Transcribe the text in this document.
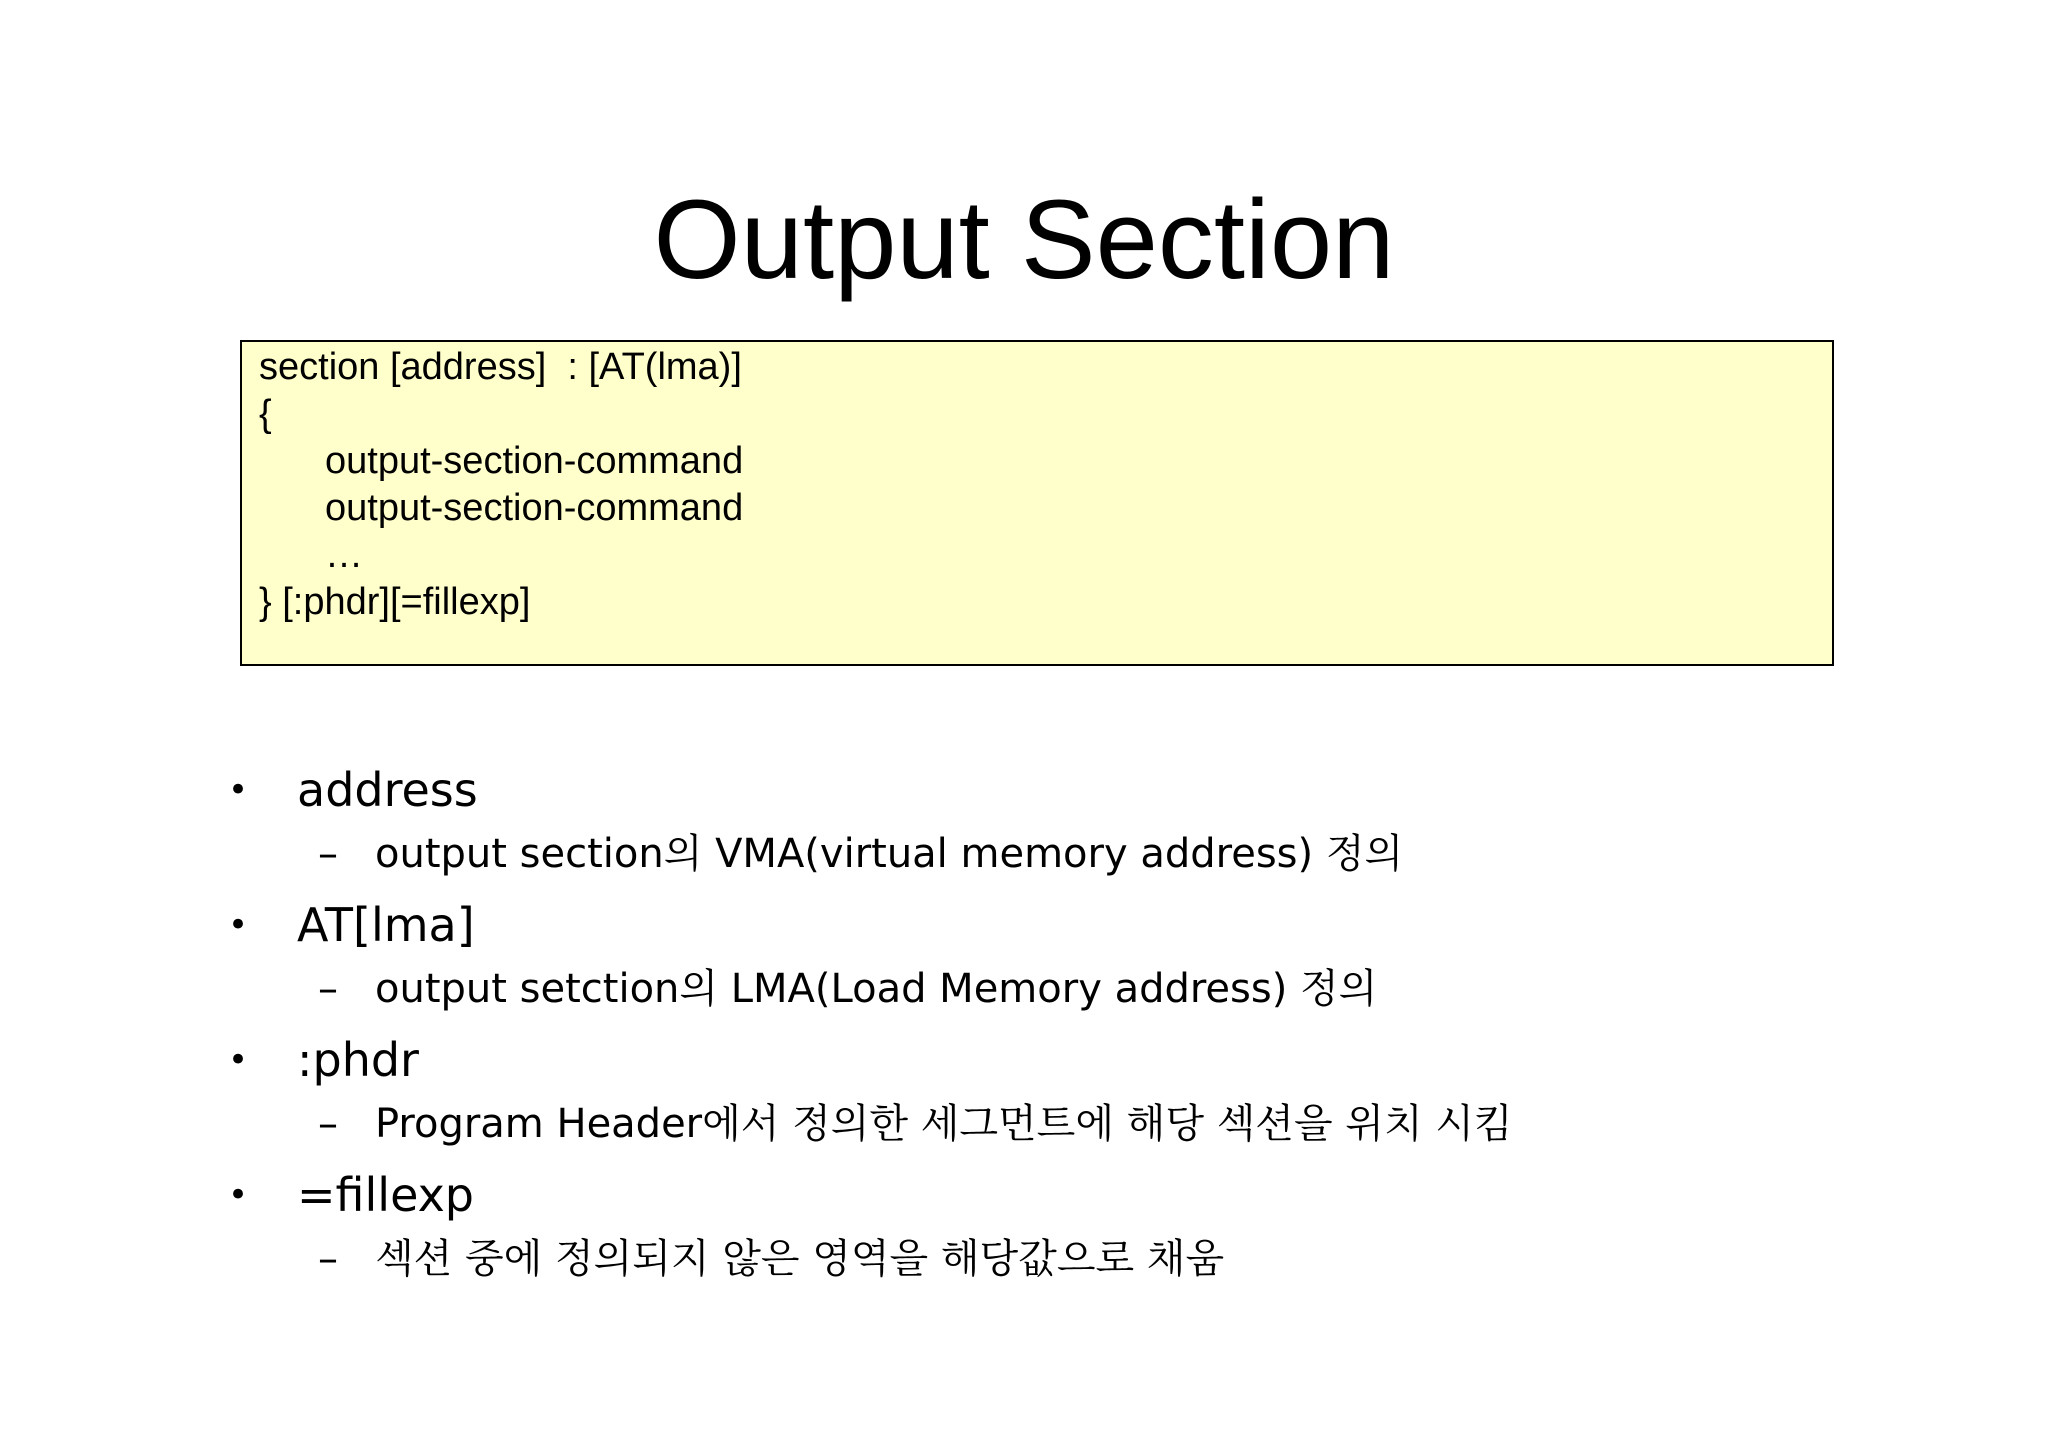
Output Section
section [address]  : [AT(lma)]
{
output-section-command
output-section-command
…
} [:phdr][=fillexp]
• address
– output section의 VMA(virtual memory address) 정의
• AT[lma]
– output setction의 LMA(Load Memory address) 정의
• :phdr
– Program Header에서 정의한 세그먼트에 해당 섹션을 위치 시킴
• =fillexp
– 섹션 중에 정의되지 않은 영역을 해당값으로 채움
